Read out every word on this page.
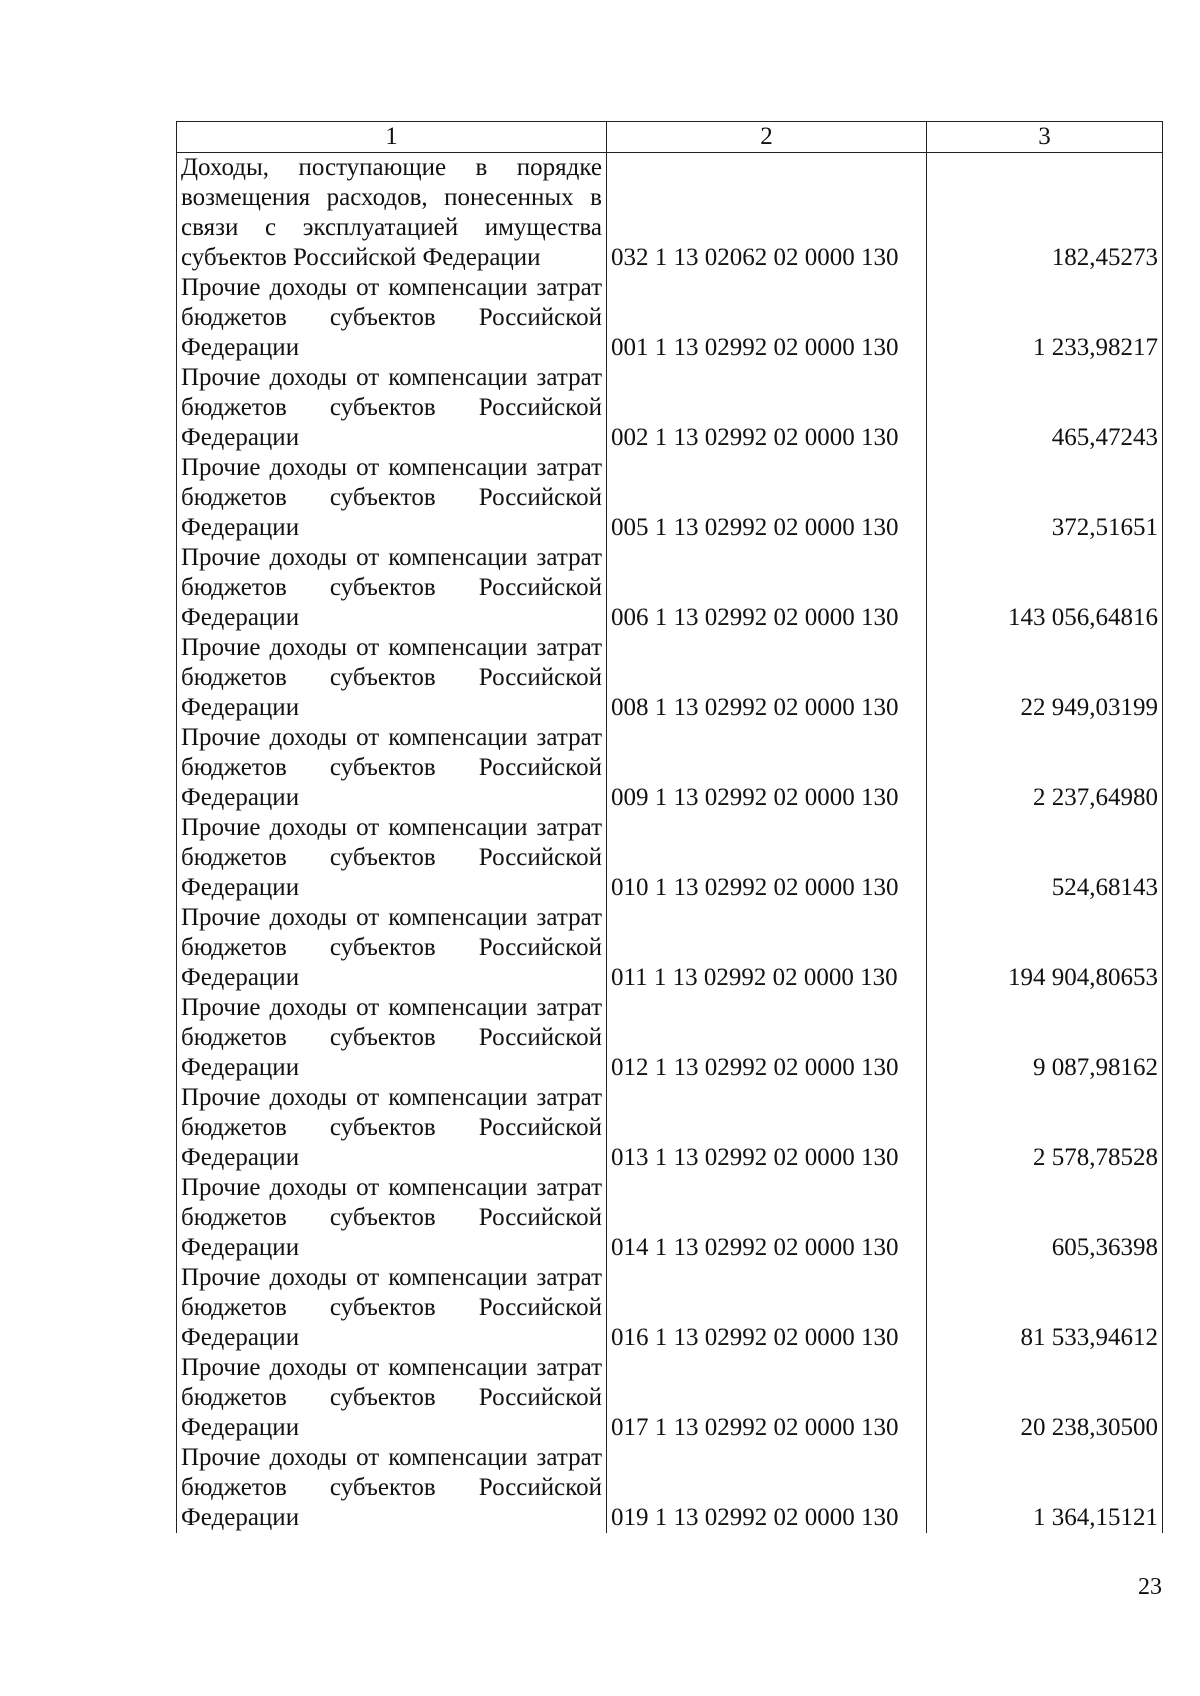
1	2	3
Доходы, поступающие в порядке возмещения расходов, понесенных в связи с эксплуатацией имущества субъектов Российской Федерации	032 1 13 02062 02 0000 130	182,45273
Прочие доходы от компенсации затрат бюджетов субъектов Российской Федерации	001 1 13 02992 02 0000 130	1 233,98217
Прочие доходы от компенсации затрат бюджетов субъектов Российской Федерации	002 1 13 02992 02 0000 130	465,47243
Прочие доходы от компенсации затрат бюджетов субъектов Российской Федерации	005 1 13 02992 02 0000 130	372,51651
Прочие доходы от компенсации затрат бюджетов субъектов Российской Федерации	006 1 13 02992 02 0000 130	143 056,64816
Прочие доходы от компенсации затрат бюджетов субъектов Российской Федерации	008 1 13 02992 02 0000 130	22 949,03199
Прочие доходы от компенсации затрат бюджетов субъектов Российской Федерации	009 1 13 02992 02 0000 130	2 237,64980
Прочие доходы от компенсации затрат бюджетов субъектов Российской Федерации	010 1 13 02992 02 0000 130	524,68143
Прочие доходы от компенсации затрат бюджетов субъектов Российской Федерации	011 1 13 02992 02 0000 130	194 904,80653
Прочие доходы от компенсации затрат бюджетов субъектов Российской Федерации	012 1 13 02992 02 0000 130	9 087,98162
Прочие доходы от компенсации затрат бюджетов субъектов Российской Федерации	013 1 13 02992 02 0000 130	2 578,78528
Прочие доходы от компенсации затрат бюджетов субъектов Российской Федерации	014 1 13 02992 02 0000 130	605,36398
Прочие доходы от компенсации затрат бюджетов субъектов Российской Федерации	016 1 13 02992 02 0000 130	81 533,94612
Прочие доходы от компенсации затрат бюджетов субъектов Российской Федерации	017 1 13 02992 02 0000 130	20 238,30500
Прочие доходы от компенсации затрат бюджетов субъектов Российской Федерации	019 1 13 02992 02 0000 130	1 364,15121
23
